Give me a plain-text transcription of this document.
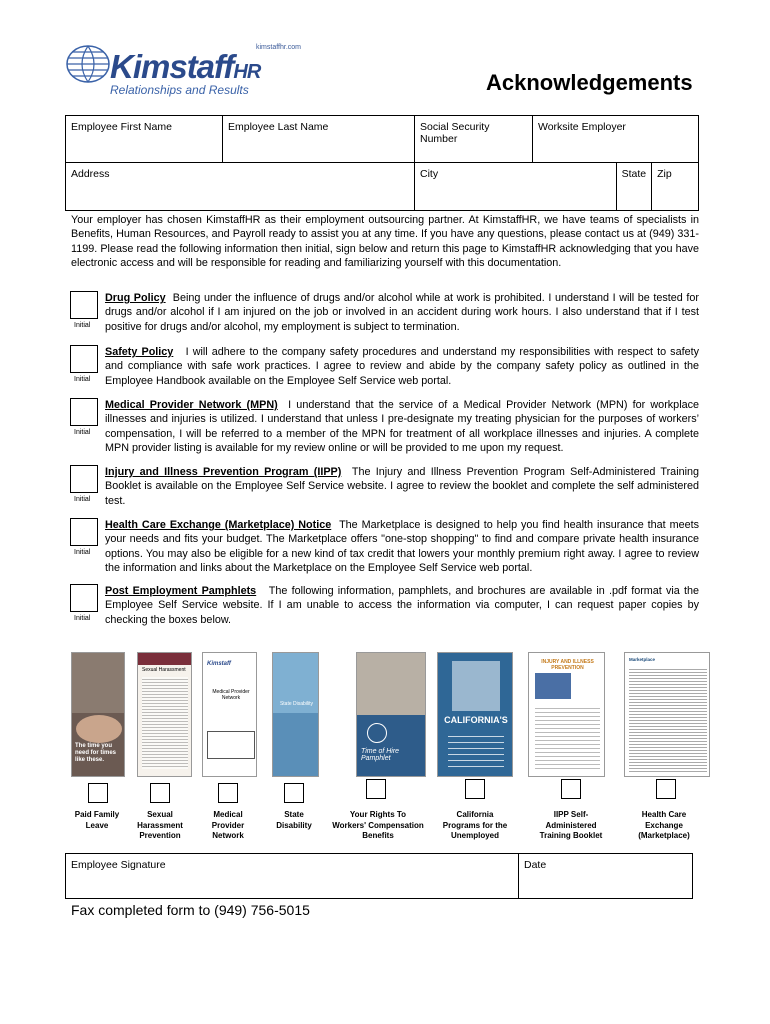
kimstaffhr.com
KimstaffHR
Relationships and Results	Acknowledgements
Employee First Name	Employee Last Name	Social Security Number	Worksite Employer
Address	City		State	Zip
Your employer has chosen KimstaffHR as their employment outsourcing partner. At KimstaffHR, we have teams of specialists in Benefits, Human Resources, and Payroll ready to assist you at any time. If you have any questions, please contact us at (949) 331-1199. Please read the following information then initial, sign below and return this page to KimstaffHR acknowledging that you have electronic access and will be responsible for reading and familiarizing yourself with this documentation.
Initial
Drug Policy Being under the influence of drugs and/or alcohol while at work is prohibited. I understand I will be tested for drugs and/or alcohol if I am injured on the job or involved in an accident during work hours. I also understand that if I test positive for drugs and/or alcohol, my employment is subject to termination.
Initial
Safety Policy I will adhere to the company safety procedures and understand my responsibilities with respect to safety and compliance with safe work practices. I agree to review and abide by the company safety policy as outlined in the Employee Handbook available on the Employee Self Service web portal.
Initial
Medical Provider Network (MPN) I understand that the service of a Medical Provider Network (MPN) for workplace illnesses and injuries is utilized. I understand that unless I pre-designate my treating physician for the purposes of workers’ compensation, I will be referred to a member of the MPN for treatment of all workplace illnesses and injuries. A complete MPN provider listing is available for my review online or will be provided to me upon my request.
Initial
Injury and Illness Prevention Program (IIPP) The Injury and Illness Prevention Program Self-Administered Training Booklet is available on the Employee Self Service website. I agree to review the booklet and complete the self administered test.
Initial
Health Care Exchange (Marketplace) Notice The Marketplace is designed to help you find health insurance that meets your needs and fits your budget. The Marketplace offers "one-stop shopping" to find and compare private health insurance options. You may also be eligible for a new kind of tax credit that lowers your monthly premium right away. I agree to review the information and links about the Marketplace on the Employee Self Service web portal.
Initial
Post Employment Pamphlets The following information, pamphlets, and brochures are available in .pdf format via the Employee Self Service website. If I am unable to access the information via computer, I can request paper copies by checking the boxes below.
The time you need for times like these.
Sexual Harassment
Kimstaff
Medical Provider Network
State Disability
Time of Hire Pamphlet
CALIFORNIA'S
INJURY AND ILLNESS PREVENTION
Marketplace
Paid Family Leave
Sexual Harassment Prevention
Medical Provider Network
State Disability
Your Rights To Workers' Compensation Benefits
California Programs for the Unemployed
IIPP Self-Administered Training Booklet
Health Care Exchange (Marketplace)
Employee Signature	Date
Fax completed form to (949) 756-5015
